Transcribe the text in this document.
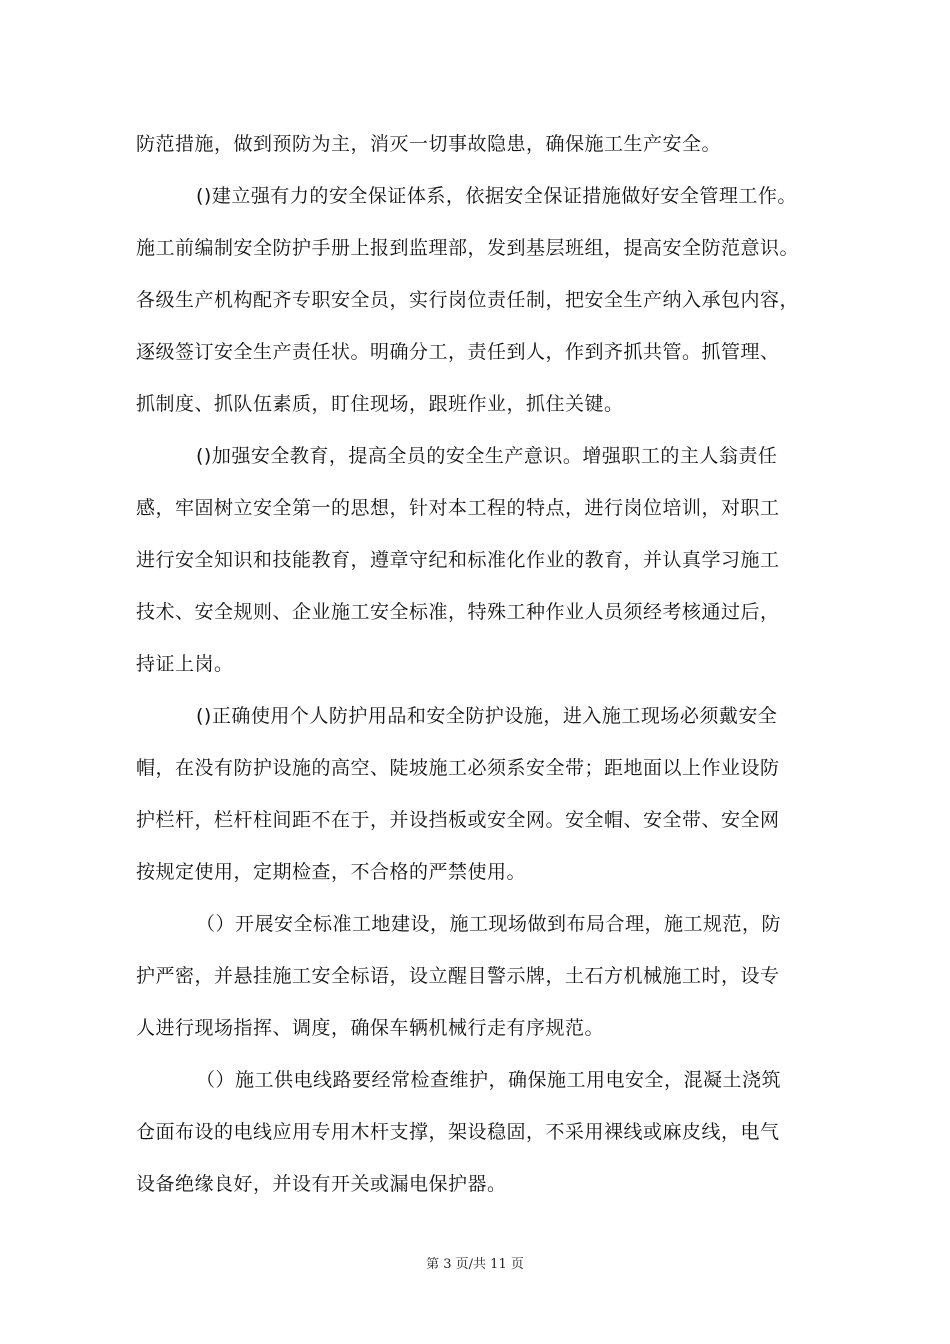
防范措施，做到预防为主，消灭一切事故隐患，确保施工生产安全。

()建立强有力的安全保证体系，依据安全保证措施做好安全管理工作。
施工前编制安全防护手册上报到监理部，发到基层班组，提高安全防范意识。
各级生产机构配齐专职安全员，实行岗位责任制，把安全生产纳入承包内容，
逐级签订安全生产责任状。明确分工，责任到人，作到齐抓共管。抓管理、
抓制度、抓队伍素质，盯住现场，跟班作业，抓住关键。

()加强安全教育，提高全员的安全生产意识。增强职工的主人翁责任
感，牢固树立安全第一的思想，针对本工程的特点，进行岗位培训，对职工
进行安全知识和技能教育，遵章守纪和标准化作业的教育，并认真学习施工
技术、安全规则、企业施工安全标准，特殊工种作业人员须经考核通过后，
持证上岗。

()正确使用个人防护用品和安全防护设施，进入施工现场必须戴安全
帽，在没有防护设施的高空、陡坡施工必须系安全带；距地面以上作业设防
护栏杆，栏杆柱间距不在于，并设挡板或安全网。安全帽、安全带、安全网
按规定使用，定期检查，不合格的严禁使用。

（）开展安全标准工地建设，施工现场做到布局合理，施工规范，防
护严密，并悬挂施工安全标语，设立醒目警示牌，土石方机械施工时，设专
人进行现场指挥、调度，确保车辆机械行走有序规范。

（）施工供电线路要经常检查维护，确保施工用电安全，混凝土浇筑
仓面布设的电线应用专用木杆支撑，架设稳固，不采用裸线或麻皮线，电气
设备绝缘良好，并设有开关或漏电保护器。

第 3 页/共 11 页
